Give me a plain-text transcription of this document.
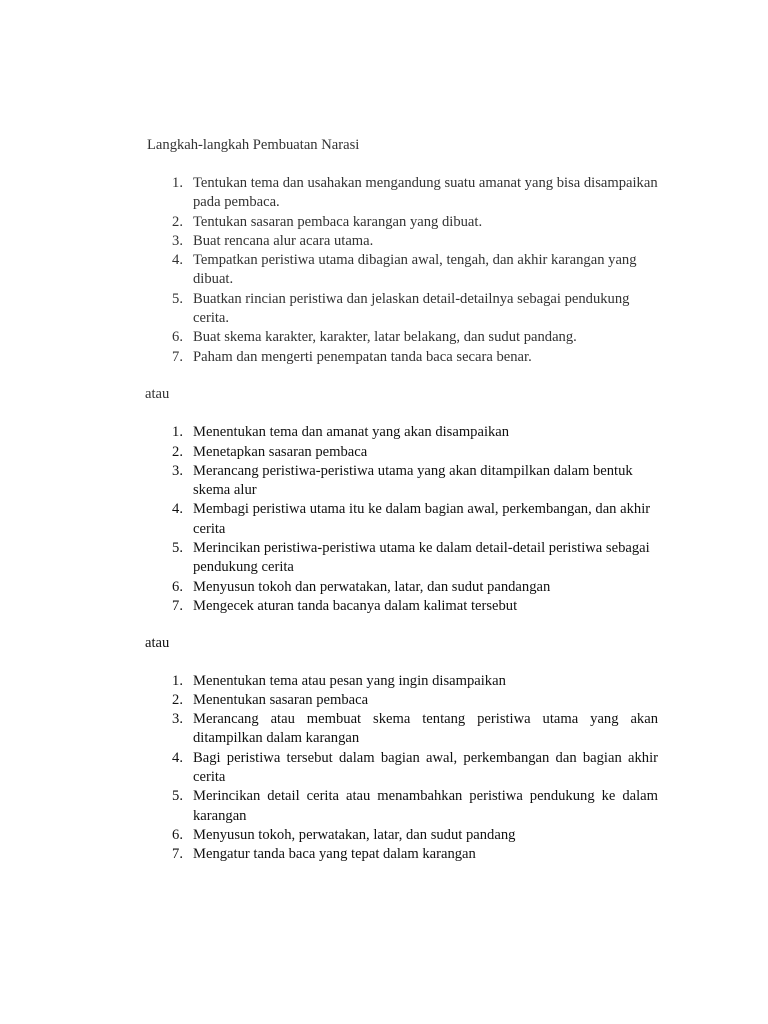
Langkah-langkah Pembuatan Narasi

1. Tentukan tema dan usahakan mengandung suatu amanat yang bisa disampaikan pada pembaca.
2. Tentukan sasaran pembaca karangan yang dibuat.
3. Buat rencana alur acara utama.
4. Tempatkan peristiwa utama dibagian awal, tengah, dan akhir karangan yang dibuat.
5. Buatkan rincian peristiwa dan jelaskan detail-detailnya sebagai pendukung cerita.
6. Buat skema karakter, karakter, latar belakang, dan sudut pandang.
7. Paham dan mengerti penempatan tanda baca secara benar.

atau

1. Menentukan tema dan amanat yang akan disampaikan
2. Menetapkan sasaran pembaca
3. Merancang peristiwa-peristiwa utama yang akan ditampilkan dalam bentuk skema alur
4. Membagi peristiwa utama itu ke dalam bagian awal, perkembangan, dan akhir cerita
5. Merincikan peristiwa-peristiwa utama ke dalam detail-detail peristiwa sebagai pendukung cerita
6. Menyusun tokoh dan perwatakan, latar, dan sudut pandangan
7. Mengecek aturan tanda bacanya dalam kalimat tersebut

atau

1. Menentukan tema atau pesan yang ingin disampaikan
2. Menentukan sasaran pembaca
3. Merancang atau membuat skema tentang peristiwa utama yang akan ditampilkan dalam karangan
4. Bagi peristiwa tersebut dalam bagian awal, perkembangan dan bagian akhir cerita
5. Merincikan detail cerita atau menambahkan peristiwa pendukung ke dalam karangan
6. Menyusun tokoh, perwatakan, latar, dan sudut pandang
7. Mengatur tanda baca yang tepat dalam karangan
